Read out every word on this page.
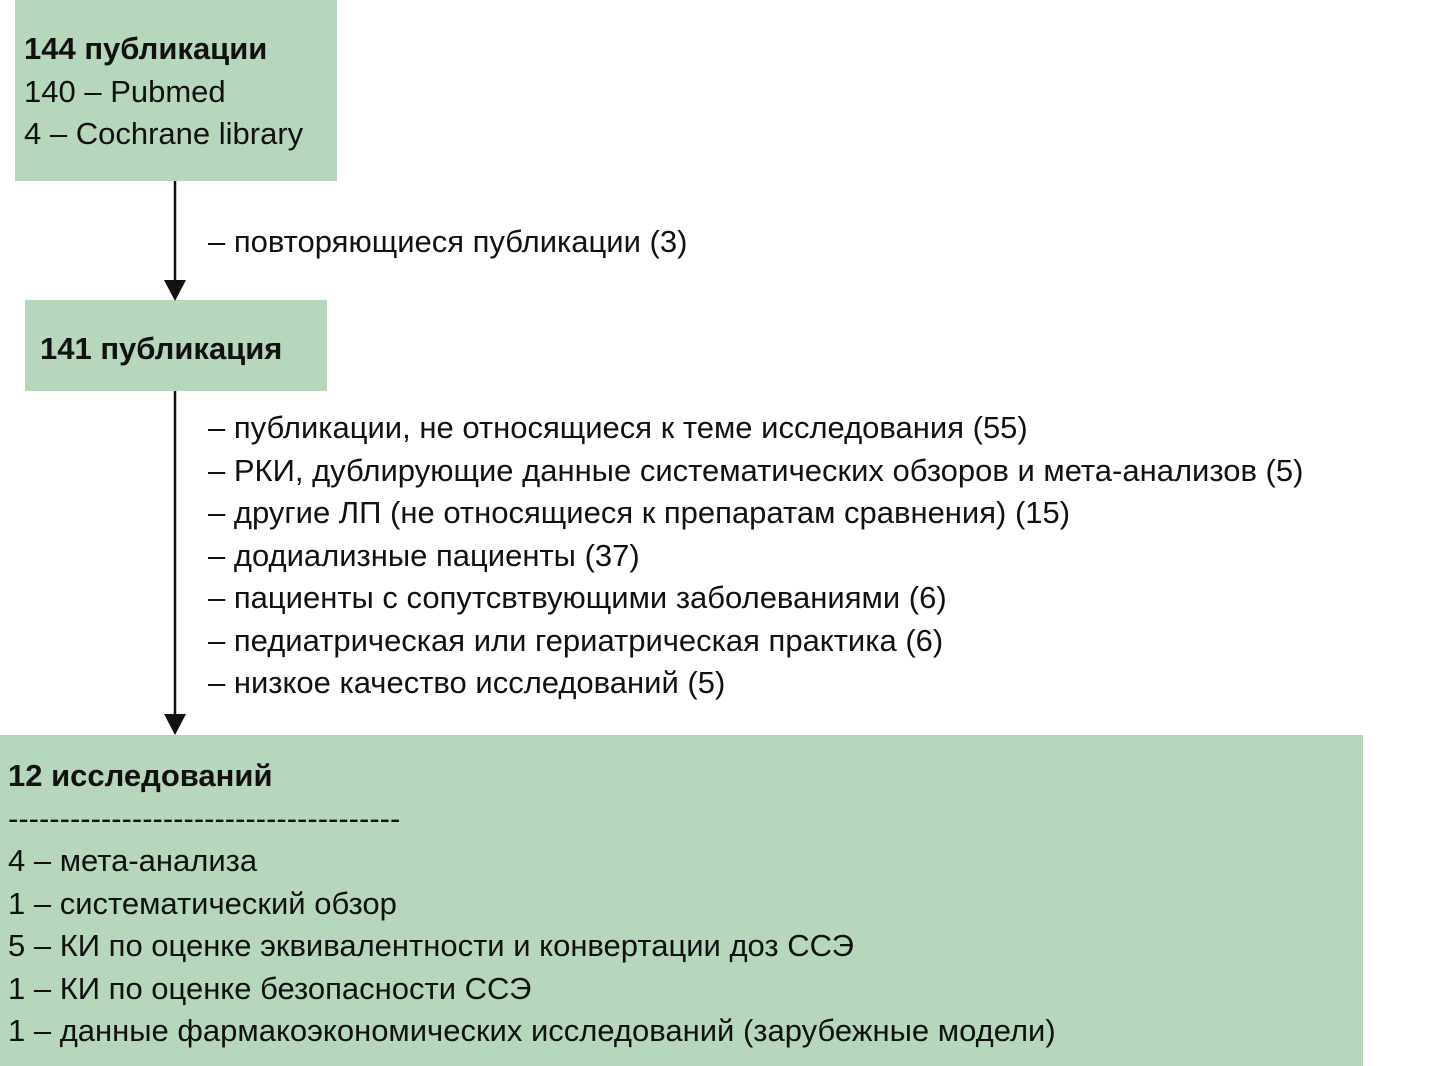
144 публикации
140 – Pubmed
4 – Cochrane library
– повторяющиеся публикации (3)
141 публикация
– публикации, не относящиеся к теме исследования (55)
– РКИ, дублирующие данные систематических обзоров и мета-анализов (5)
– другие ЛП (не относящиеся к препаратам сравнения) (15)
– додиализные пациенты (37)
– пациенты с сопутсвтвующими заболеваниями (6)
– педиатрическая или гериатрическая практика (6)
– низкое качество исследований (5)
12 исследований
--------------------------------------
4 – мета-анализа
1 – систематический обзор
5 – КИ по оценке эквивалентности и конвертации доз ССЭ
1 – КИ по оценке безопасности ССЭ
1 – данные фармакоэкономических исследований (зарубежные модели)
